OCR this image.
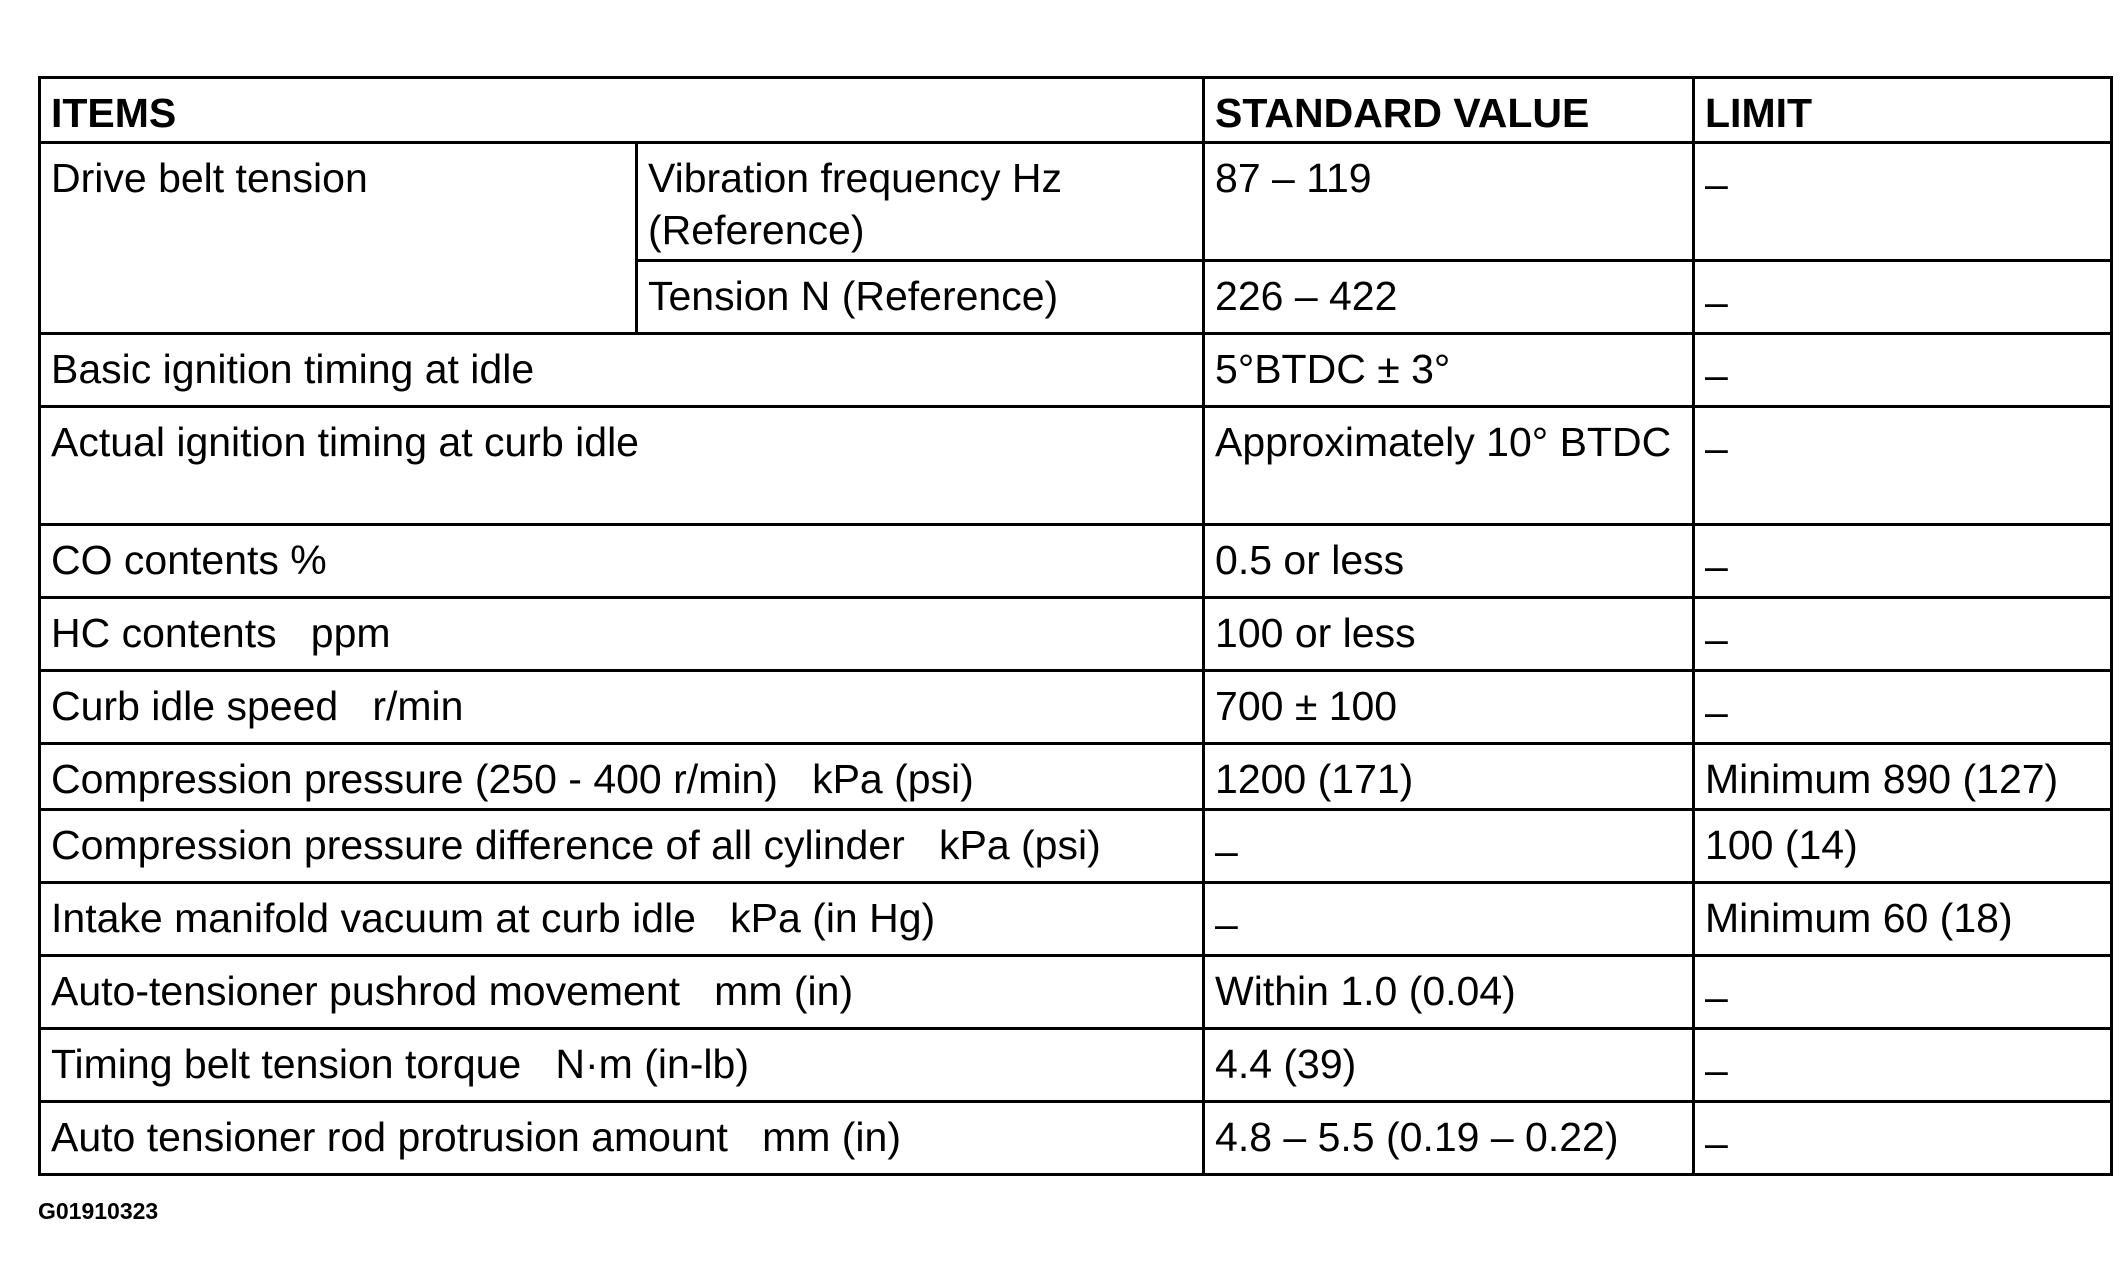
ITEMS		STANDARD VALUE	LIMIT
Drive belt tension	Vibration frequency Hz (Reference)	87 – 119	–
	Tension N (Reference)	226 – 422	–
Basic ignition timing at idle		5°BTDC ± 3°	–
Actual ignition timing at curb idle		Approximately 10° BTDC	–
CO contents %		0.5 or less	–
HC contents   ppm		100 or less	–
Curb idle speed   r/min		700 ± 100	–
Compression pressure (250 - 400 r/min)   kPa (psi)		1200 (171)	Minimum 890 (127)
Compression pressure difference of all cylinder   kPa (psi)		–	100 (14)
Intake manifold vacuum at curb idle   kPa (in Hg)		–	Minimum 60 (18)
Auto-tensioner pushrod movement   mm (in)		Within 1.0 (0.04)	–
Timing belt tension torque   N·m (in-lb)		4.4 (39)	–
Auto tensioner rod protrusion amount   mm (in)		4.8 – 5.5 (0.19 – 0.22)	–
G01910323
